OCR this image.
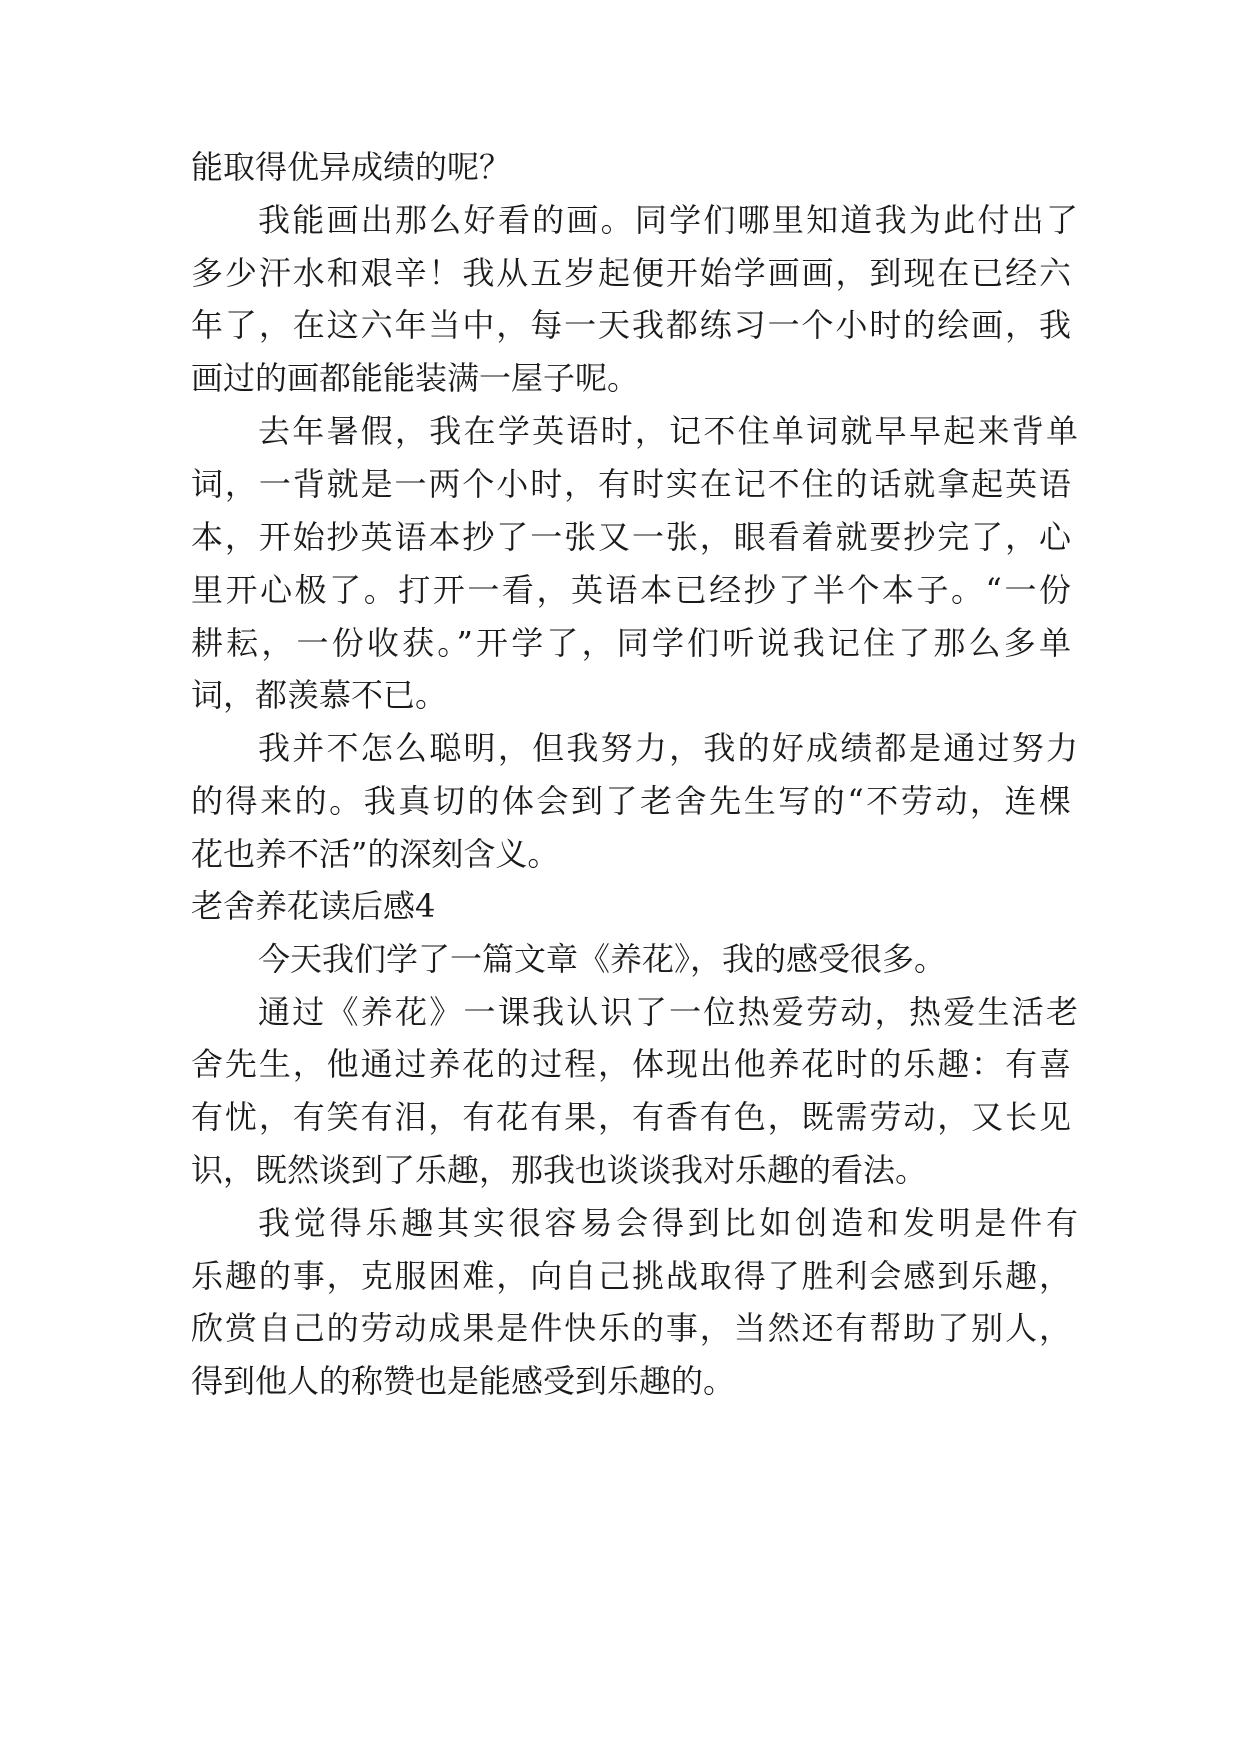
能取得优异成绩的呢？
我能画出那么好看的画。同学们哪里知道我为此付出了
多少汗水和艰辛！我从五岁起便开始学画画，到现在已经六
年了，在这六年当中，每一天我都练习一个小时的绘画，我
画过的画都能能装满一屋子呢。
去年暑假，我在学英语时，记不住单词就早早起来背单
词，一背就是一两个小时，有时实在记不住的话就拿起英语
本，开始抄英语本抄了一张又一张，眼看着就要抄完了，心
里开心极了。打开一看，英语本已经抄了半个本子。“一份
耕耘，一份收获。”开学了，同学们听说我记住了那么多单
词，都羡慕不已。
我并不怎么聪明，但我努力，我的好成绩都是通过努力
的得来的。我真切的体会到了老舍先生写的“不劳动，连棵
花也养不活”的深刻含义。
老舍养花读后感4
今天我们学了一篇文章《养花》，我的感受很多。
通过《养花》一课我认识了一位热爱劳动，热爱生活老
舍先生，他通过养花的过程，体现出他养花时的乐趣：有喜
有忧，有笑有泪，有花有果，有香有色，既需劳动，又长见
识，既然谈到了乐趣，那我也谈谈我对乐趣的看法。
我觉得乐趣其实很容易会得到比如创造和发明是件有
乐趣的事，克服困难，向自己挑战取得了胜利会感到乐趣，
欣赏自己的劳动成果是件快乐的事，当然还有帮助了别人，
得到他人的称赞也是能感受到乐趣的。
